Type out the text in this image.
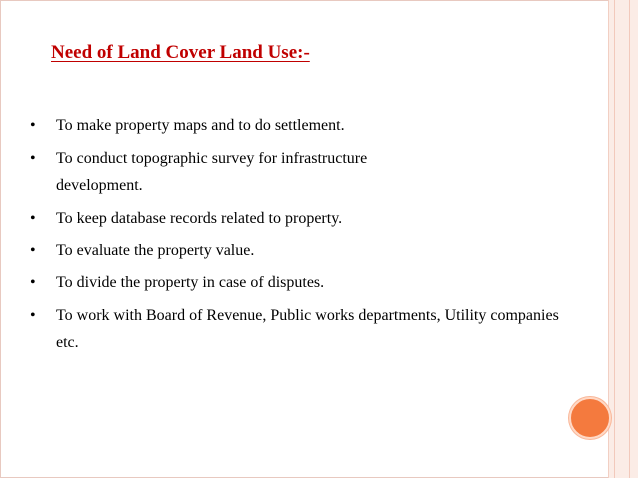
Need of Land Cover Land Use:-
• To make property maps and to do settlement.
• To conduct topographic survey for infrastructure development.
• To keep database records related to property.
• To evaluate the property value.
• To divide the property in case of disputes.
• To work with Board of Revenue, Public works departments, Utility companies etc.
